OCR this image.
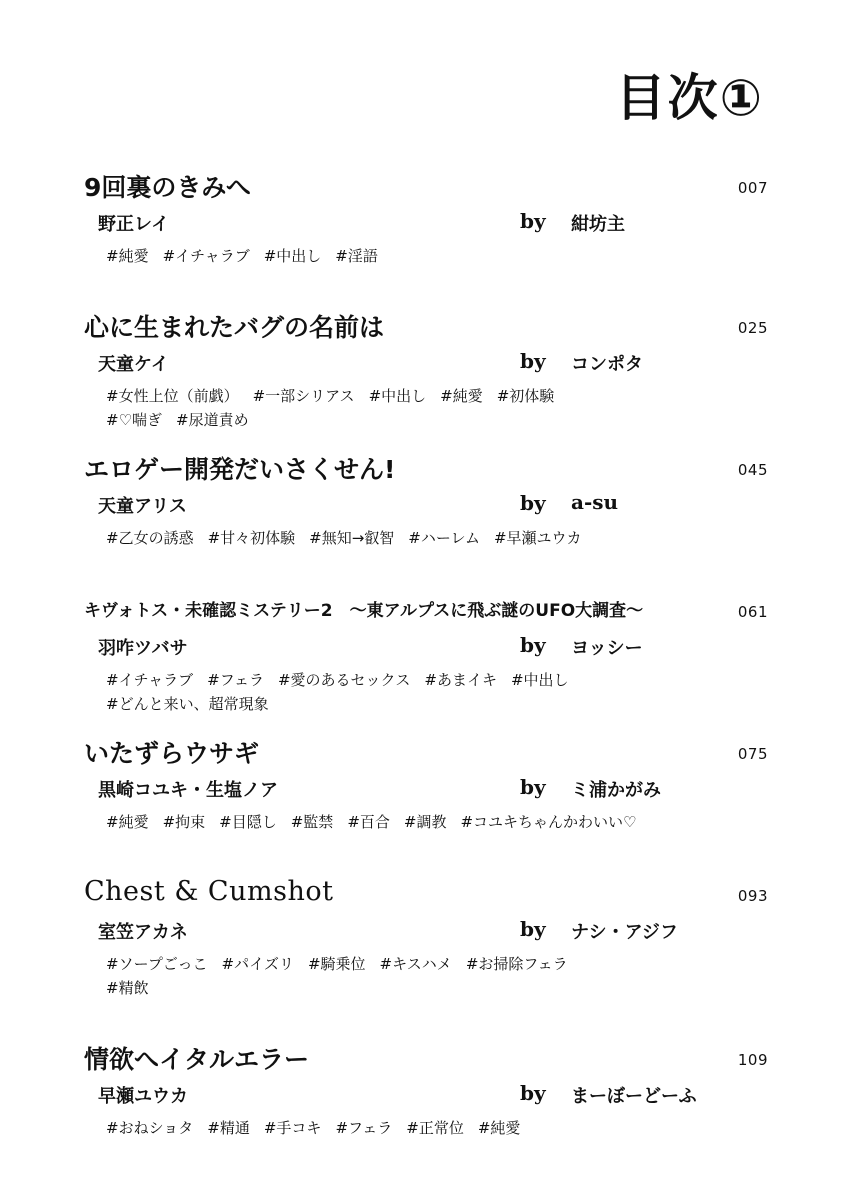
目次①
9回裏のきみへ	007
野正レイ	by 紺坊主
#純愛 #イチャラブ #中出し #淫語
心に生まれたバグの名前は	025
天童ケイ	by コンポタ
#女性上位（前戯） #一部シリアス #中出し #純愛 #初体験
#♡喘ぎ #尿道責め
エロゲー開発だいさくせん!	045
天童アリス	by a-su
#乙女の誘惑 #甘々初体験 #無知→叡智 #ハーレム #早瀬ユウカ
キヴォトス・未確認ミステリー2　～東アルプスに飛ぶ謎のUFO大調査～	061
羽咋ツバサ	by ヨッシー
#イチャラブ #フェラ #愛のあるセックス #あまイキ #中出し
#どんと来い、超常現象
いたずらウサギ	075
黒崎コユキ・生塩ノア	by ミ浦かがみ
#純愛 #拘束 #目隠し #監禁 #百合 #調教 #コユキちゃんかわいい♡
Chest & Cumshot	093
室笠アカネ	by ナシ・アジフ
#ソープごっこ #パイズリ #騎乗位 #キスハメ #お掃除フェラ
#精飲
情欲へイタルエラー	109
早瀬ユウカ	by まーぼーどーふ
#おねショタ #精通 #手コキ #フェラ #正常位 #純愛
